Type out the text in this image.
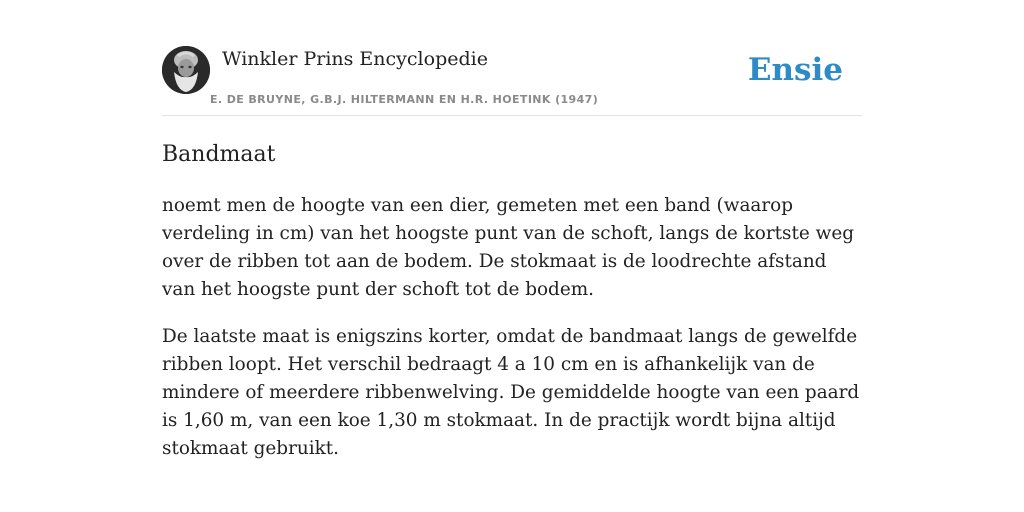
Winkler Prins Encyclopedie
E. DE BRUYNE, G.B.J. HILTERMANN EN H.R. HOETINK (1947)
Ensie
Bandmaat

noemt men de hoogte van een dier, gemeten met een band (waarop verdeling in cm) van het hoogste punt van de schoft, langs de kortste weg over de ribben tot aan de bodem. De stokmaat is de loodrechte afstand van het hoogste punt der schoft tot de bodem.

De laatste maat is enigszins korter, omdat de bandmaat langs de gewelfde ribben loopt. Het verschil bedraagt 4 a 10 cm en is afhankelijk van de mindere of meerdere ribbenwelving. De gemiddelde hoogte van een paard is 1,60 m, van een koe 1,30 m stokmaat. In de practijk wordt bijna altijd stokmaat gebruikt.
